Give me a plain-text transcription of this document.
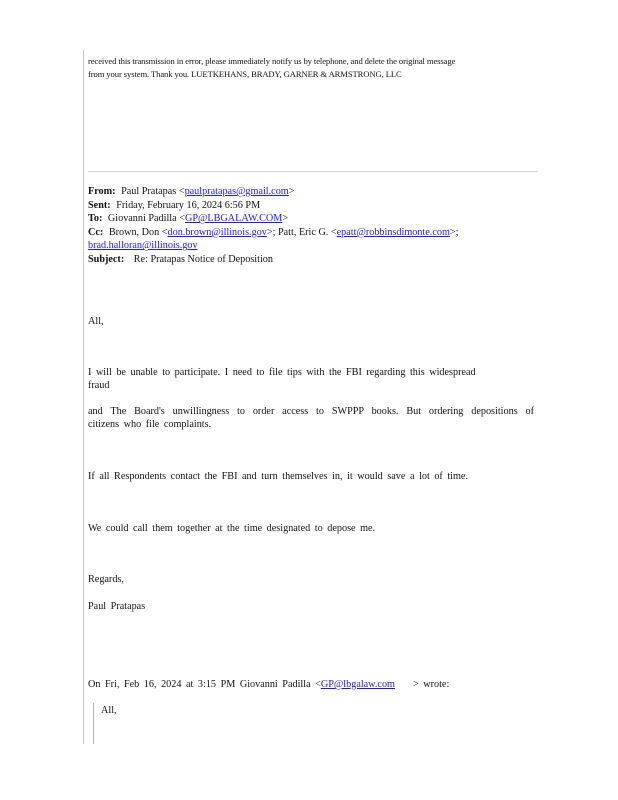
received this transmission in error, please immediately notify us by telephone, and delete the original message

from your system. Thank you. LUETKEHANS, BRADY, GARNER & ARMSTRONG, LLC

From: Paul Pratapas <paulpratapas@gmail.com>
Sent: Friday, February 16, 2024 6:56 PM
To: Giovanni Padilla <GP@LBGALAW.COM>
Cc: Brown, Don <don.brown@illinois.gov>; Patt, Eric G. <epatt@robbinsdimonte.com>;
brad.halloran@illinois.gov
Subject: Re: Pratapas Notice of Deposition
All,
I will be unable to participate. I need to file tips with the FBI regarding this widespread
fraud
and The Board's unwillingness to order access to SWPPP books. But ordering depositions of
citizens who file complaints.
If all Respondents contact the FBI and turn themselves in, it would save a lot of time.
We could call them together at the time designated to depose me.
Regards,
Paul Pratapas
On Fri, Feb 16, 2024 at 3:15 PM Giovanni Padilla <GP@lbgalaw.com > wrote:
All,
